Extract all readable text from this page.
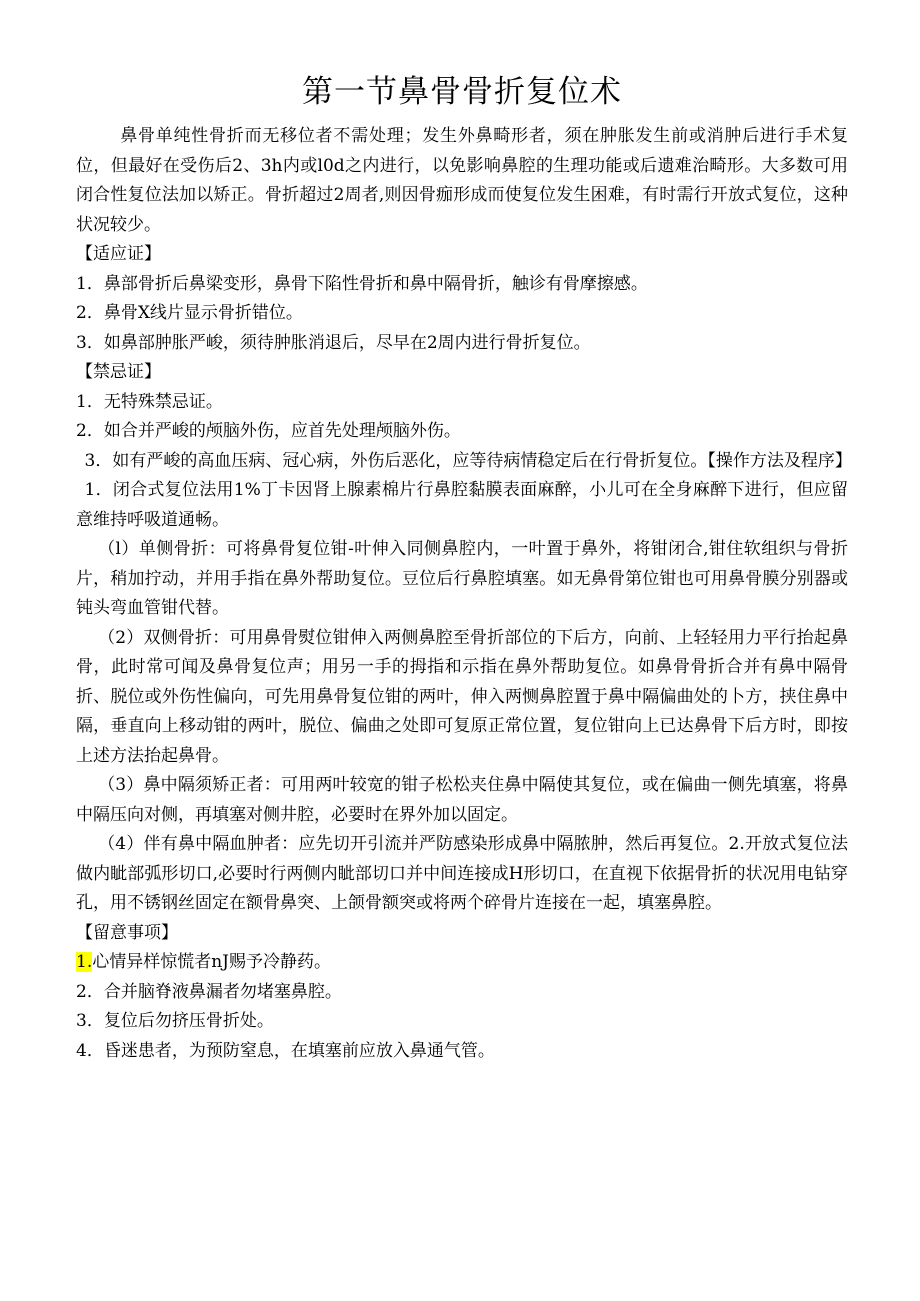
第一节鼻骨骨折复位术

鼻骨单纯性骨折而无移位者不需处理；发生外鼻畸形者，须在肿胀发生前或消肿后进行手术复位，但最好在受伤后2、3h内或l0d之内进行，以免影响鼻腔的生理功能或后遗难治畸形。大多数可用闭合性复位法加以矫正。骨折超过2周者,则因骨痂形成而使复位发生困难，有时需行开放式复位，这种状况较少。

【适应证】

1．鼻部骨折后鼻梁变形，鼻骨下陷性骨折和鼻中隔骨折，触诊有骨摩擦感。

2．鼻骨X线片显示骨折错位。

3．如鼻部肿胀严峻，须待肿胀消退后，尽早在2周内进行骨折复位。

【禁忌证】

1．无特殊禁忌证。

2．如合并严峻的颅脑外伤，应首先处理颅脑外伤。

3．如有严峻的高血压病、冠心病，外伤后恶化，应等待病情稳定后在行骨折复位。【操作方法及程序】

1．闭合式复位法用1%丁卡因肾上腺素棉片行鼻腔黏膜表面麻醉，小儿可在全身麻醉下进行，但应留意维持呼吸道通畅。

（l）单侧骨折：可将鼻骨复位钳-叶伸入同侧鼻腔内，一叶置于鼻外，将钳闭合,钳住软组织与骨折片，稍加拧动，并用手指在鼻外帮助复位。豆位后行鼻腔填塞。如无鼻骨第位钳也可用鼻骨膜分别器或钝头弯血管钳代替。

（2）双侧骨折：可用鼻骨熨位钳伸入两侧鼻腔至骨折部位的下后方，向前、上轻轻用力平行抬起鼻骨，此时常可闻及鼻骨复位声；用另一手的拇指和示指在鼻外帮助复位。如鼻骨骨折合并有鼻中隔骨折、脱位或外伤性偏向，可先用鼻骨复位钳的两叶，伸入两恻鼻腔置于鼻中隔偏曲处的卜方，挟住鼻中隔，垂直向上移动钳的两叶，脱位、偏曲之处即可复原正常位置，复位钳向上已达鼻骨下后方时，即按上述方法抬起鼻骨。

（3）鼻中隔须矫正者：可用两叶较宽的钳子松松夹住鼻中隔使其复位，或在偏曲一侧先填塞，将鼻中隔压向对侧，再填塞对侧井腔，必要时在界外加以固定。

（4）伴有鼻中隔血肿者：应先切开引流并严防感染形成鼻中隔脓肿，然后再复位。2.开放式复位法做内眦部弧形切口,必要时行两侧内眦部切口并中间连接成H形切口，在直视下依据骨折的状况用电钻穿孔，用不锈钢丝固定在额骨鼻突、上颌骨额突或将两个碎骨片连接在一起，填塞鼻腔。

【留意事项】

1.心情异样惊慌者nJ赐予冷静药。

2．合并脑脊液鼻漏者勿堵塞鼻腔。

3．复位后勿挤压骨折处。

4．昏迷患者，为预防窒息，在填塞前应放入鼻通气管。
